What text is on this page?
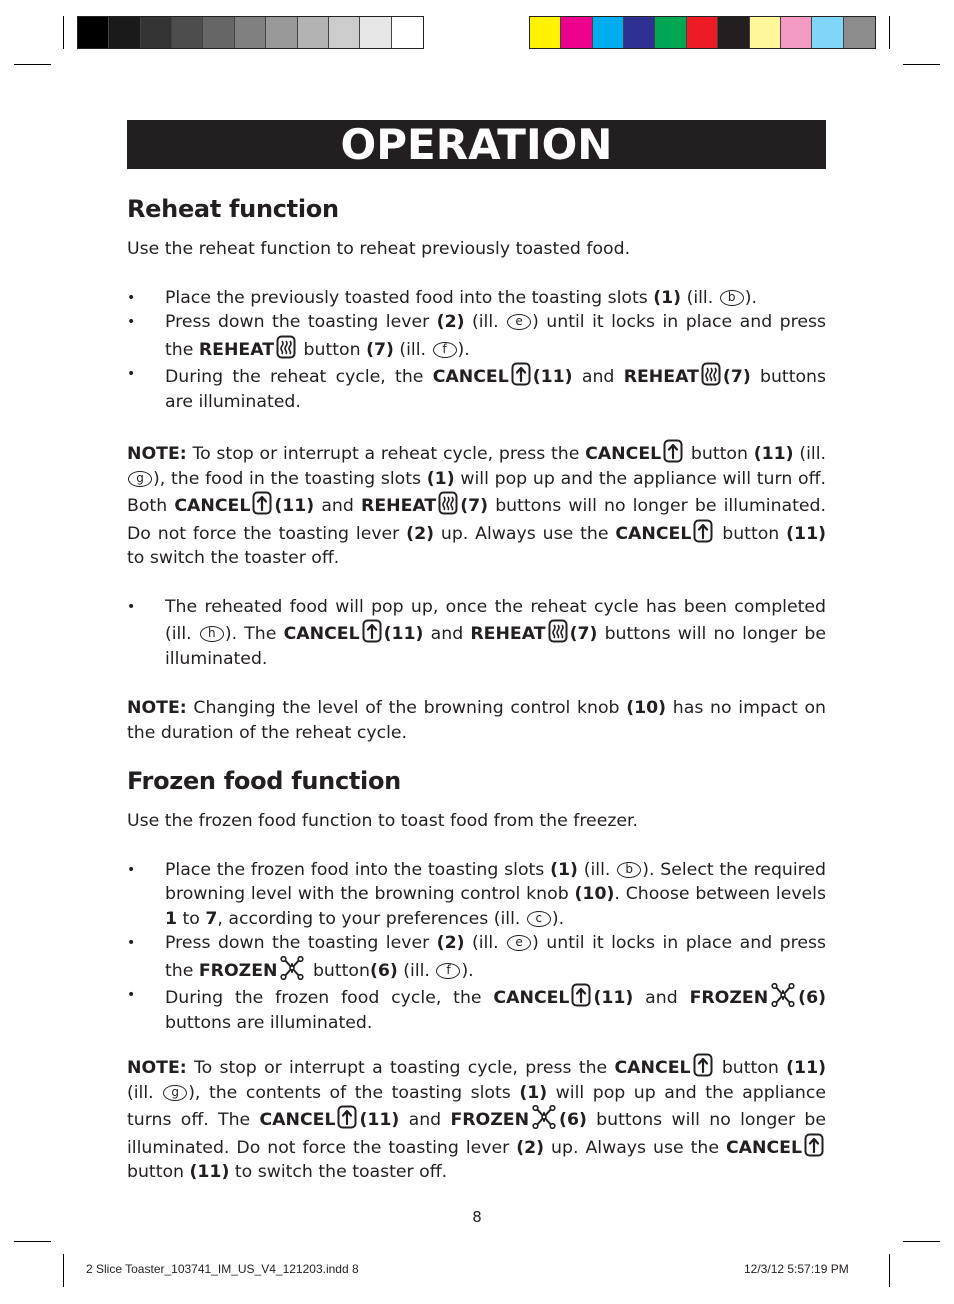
OPERATION
Reheat function

Use the reheat function to reheat previously toasted food.

• Place the previously toasted food into the toasting slots (1) (ill. b ).
• Press down the toasting lever (2) (ill. e ) until it locks in place and press the REHEAT
button (7) (ill. f ).
• During the reheat cycle, the CANCEL (11) and REHEAT (7) buttons are illuminated.

NOTE: To stop or interrupt a reheat cycle, press the CANCEL
button (11) (ill. g ), the food in the toasting slots (1) will pop up and the appliance will turn off. Both CANCEL (11) and REHEAT (7) buttons will no longer be illuminated. Do not force the toasting lever (2) up. Always use the CANCEL
button (11) to switch the toaster off.

• The reheated food will pop up, once the reheat cycle has been completed (ill. h ). The CANCEL (11) and REHEAT (7) buttons will no longer be illuminated.

NOTE: Changing the level of the browning control knob (10) has no impact on the duration of the reheat cycle.

Frozen food function

Use the frozen food function to toast food from the freezer.

• Place the frozen food into the toasting slots (1) (ill. b ). Select the required browning level with the browning control knob (10). Choose between levels 1 to 7, according to your preferences (ill. c ).
• Press down the toasting lever (2) (ill. e ) until it locks in place and press the FROZEN
button(6) (ill. f ).
• During the frozen food cycle, the CANCEL (11) and FROZEN (6) buttons are illuminated.

NOTE: To stop or interrupt a toasting cycle, press the CANCEL
button (11) (ill. g ), the contents of the toasting slots (1) will pop up and the appliance turns off. The CANCEL (11) and FROZEN (6) buttons will no longer be illuminated. Do not force the toasting lever (2) up. Always use the CANCEL
button (11) to switch the toaster off.

8
2 Slice Toaster_103741_IM_US_V4_121203.indd 8	12/3/12 5:57:19 PM
